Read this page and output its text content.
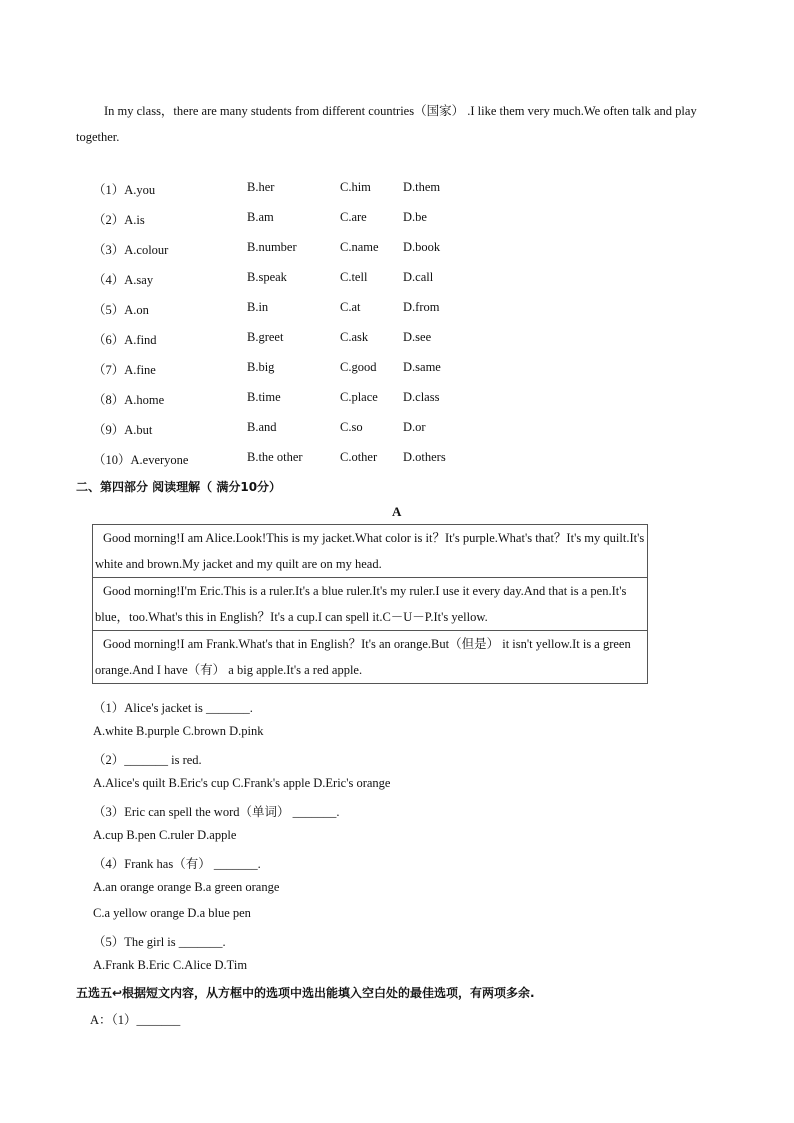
In my class，there are many students from different countries（国家） .I like them very much.We often talk and play together.
（1）A.you	B.her	C.him	D.them
（2）A.is	B.am	C.are	D.be
（3）A.colour	B.number	C.name D.book
（4）A.say	B.speak	C.tell	D.call
（5）A.on	B.in	C.at	D.from
（6）A.find	B.greet	C.ask	D.see
（7）A.fine	B.big	C.good D.same
（8）A.home	B.time	C.place D.class
（9）A.but	B.and	C.so	D.or
（10）A.everyone	B.the other	C.other D.others
二、第四部分 阅读理解（ 满分10分）
A
Good morning!I am Alice.Look!This is my jacket.What color is it？It's purple.What's that？It's my quilt.It's white and brown.My jacket and my quilt are on my head.
Good morning!I'm Eric.This is a ruler.It's a blue ruler.It's my ruler.I use it every day.And that is a pen.It's blue，too.What's this in English？It's a cup.I can spell it.C－U－P.It's yellow.
Good morning!I am Frank.What's that in English？It's an orange.But（但是） it isn't yellow.It is a green orange.And I have（有） a big apple.It's a red apple.
（1）Alice's jacket is _______.
A.white B.purple C.brown D.pink
（2）_______ is red.
A.Alice's quilt B.Eric's cup C.Frank's apple D.Eric's orange
（3）Eric can spell the word（单词） _______.
A.cup B.pen C.ruler D.apple
（4）Frank has（有） _______.
A.an orange orange B.a green orange
C.a yellow orange D.a blue pen
（5）The girl is _______.
A.Frank B.Eric C.Alice D.Tim
五选五↩根据短文内容，从方框中的选项中选出能填入空白处的最佳选项，有两项多余.
A：（1）_______
